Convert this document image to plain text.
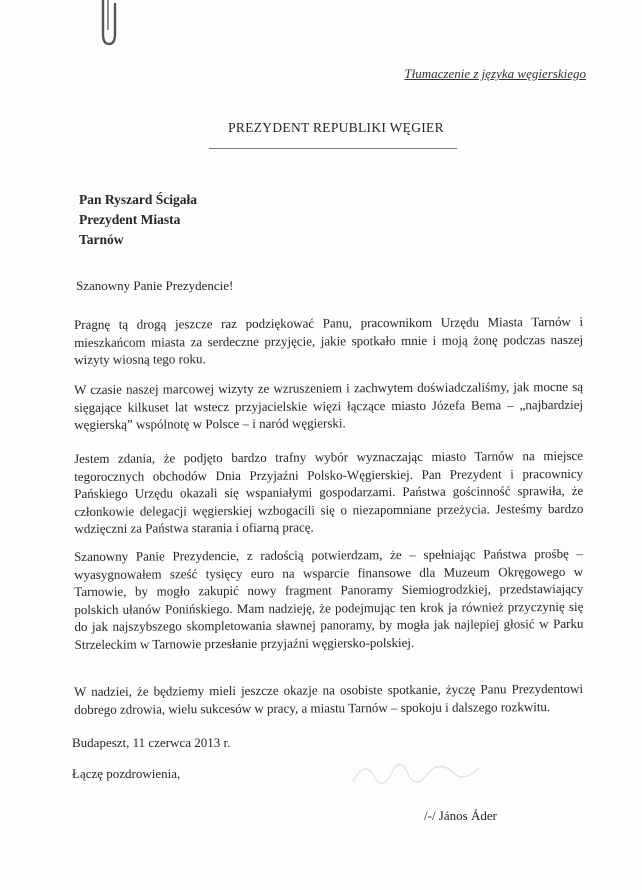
Tłumaczenie z języka węgierskiego
PREZYDENT REPUBLIKI WĘGIER
Pan Ryszard Ścigała
Prezydent Miasta
Tarnów
Szanowny Panie Prezydencie!
Pragnę tą drogą jeszcze raz podziękować Panu, pracownikom Urzędu Miasta Tarnów i mieszkańcom miasta za serdeczne przyjęcie, jakie spotkało mnie i moją żonę podczas naszej wizyty wiosną tego roku.
W czasie naszej marcowej wizyty ze wzruszeniem i zachwytem doświadczaliśmy, jak mocne są sięgające kilkuset lat wstecz przyjacielskie więzi łączące miasto Józefa Bema – „najbardziej węgierską” wspólnotę w Polsce – i naród węgierski.
Jestem zdania, że podjęto bardzo trafny wybór wyznaczając miasto Tarnów na miejsce tegorocznych obchodów Dnia Przyjaźni Polsko-Węgierskiej. Pan Prezydent i pracownicy Pańskiego Urzędu okazali się wspaniałymi gospodarzami. Państwa gościnność sprawiła, że członkowie delegacji węgierskiej wzbogacili się o niezapomniane przeżycia. Jesteśmy bardzo wdzięczni za Państwa starania i ofiarną pracę.
Szanowny Panie Prezydencie, z radością potwierdzam, że – spełniając Państwa prośbę – wyasygnowałem sześć tysięcy euro na wsparcie finansowe dla Muzeum Okręgowego w Tarnowie, by mogło zakupić nowy fragment Panoramy Siemiogrodzkiej, przedstawiający polskich ułanów Ponińskiego. Mam nadzieję, że podejmując ten krok ja również przyczynię się do jak najszybszego skompletowania sławnej panoramy, by mogła jak najlepiej głosić w Parku Strzeleckim w Tarnowie przesłanie przyjaźni węgiersko-polskiej.
W nadziei, że będziemy mieli jeszcze okazje na osobiste spotkanie, życzę Panu Prezydentowi dobrego zdrowia, wielu sukcesów w pracy, a miastu Tarnów – spokoju i dalszego rozkwitu.
Budapeszt, 11 czerwca 2013 r.
Łączę pozdrowienia,
/-/ János Áder
